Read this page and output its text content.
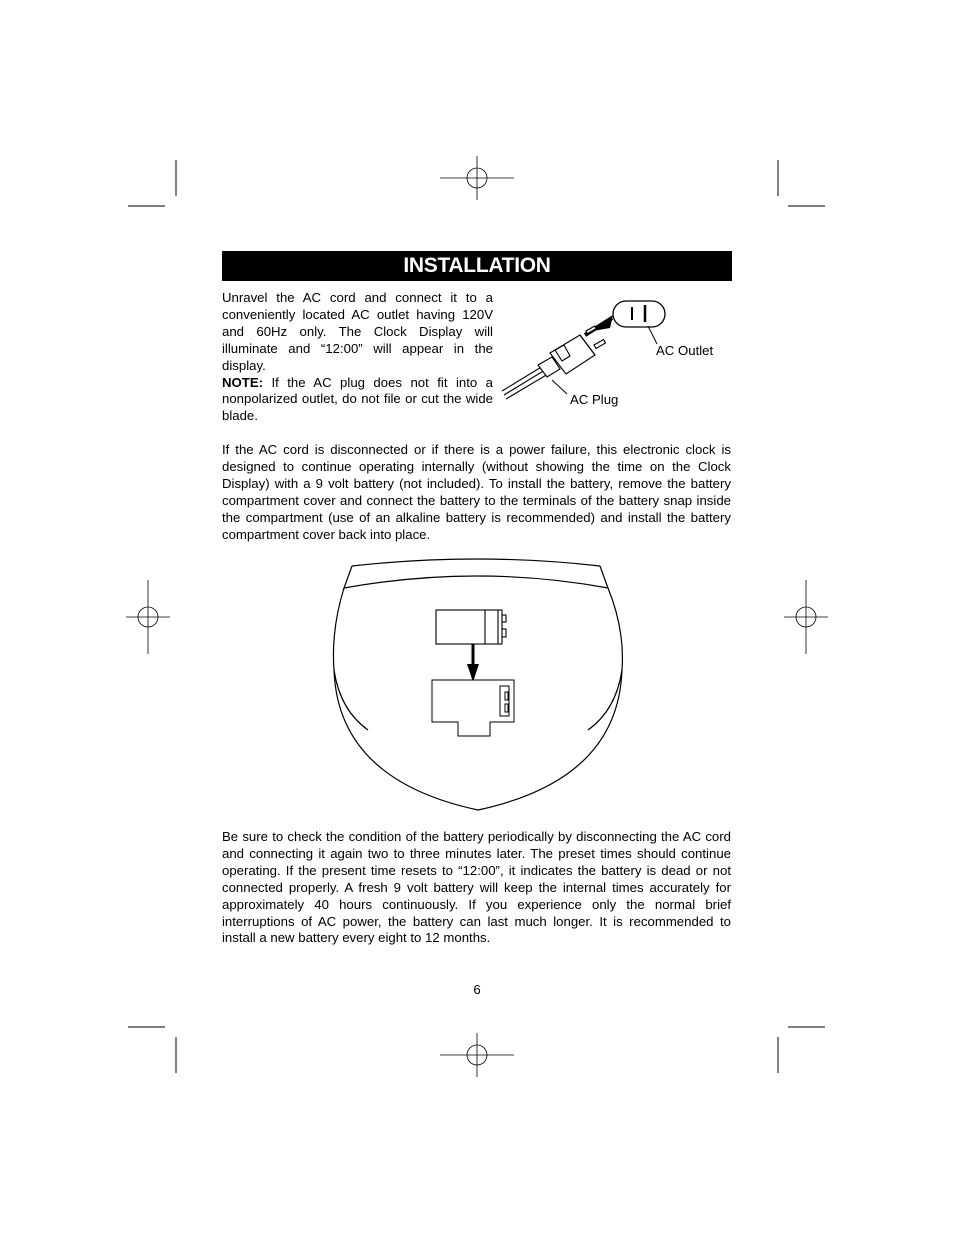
INSTALLATION

Unravel the AC cord and connect it to a conveniently located AC outlet having 120V and 60Hz only. The Clock Display will illuminate and “12:00” will appear in the display.
NOTE: If the AC plug does not fit into a nonpolarized outlet, do not file or cut the wide blade.

AC Outlet
AC Plug

If the AC cord is disconnected or if there is a power failure, this electronic clock is designed to continue operating internally (without showing the time on the Clock Display) with a 9 volt battery (not included). To install the battery, remove the battery compartment cover and connect the battery to the terminals of the battery snap inside the compartment (use of an alkaline battery is recommended) and install the battery compartment cover back into place.

Be sure to check the condition of the battery periodically by disconnecting the AC cord and connecting it again two to three minutes later. The preset times should continue operating. If the present time resets to “12:00”, it indicates the battery is dead or not connected properly. A fresh 9 volt battery will keep the internal times accurately for approximately 40 hours continuously. If you experience only the normal brief interruptions of AC power, the battery can last much longer. It is recommended to install a new battery every eight to 12 months.

6
